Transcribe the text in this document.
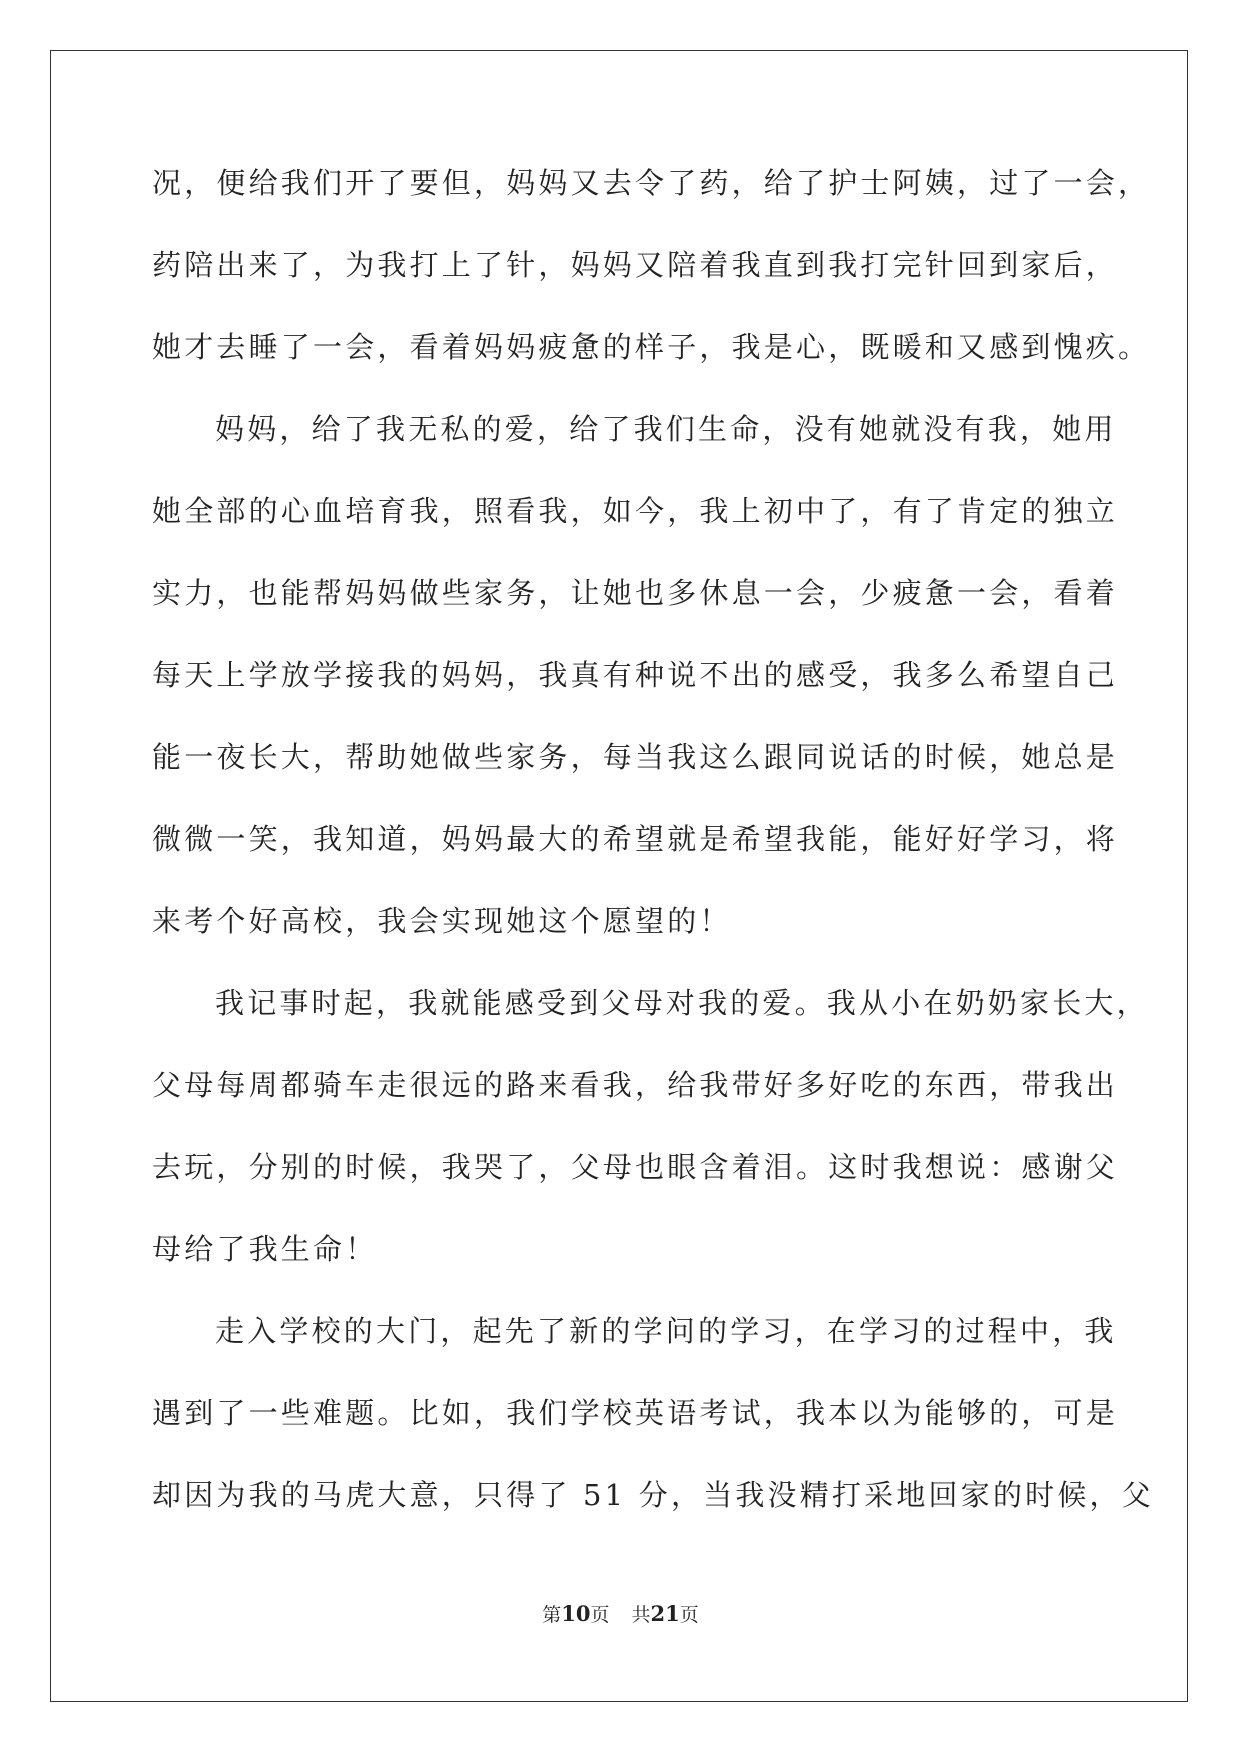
况，便给我们开了要但，妈妈又去令了药，给了护士阿姨，过了一会，
药陪出来了，为我打上了针，妈妈又陪着我直到我打完针回到家后，
她才去睡了一会，看着妈妈疲惫的样子，我是心，既暖和又感到愧疚。
妈妈，给了我无私的爱，给了我们生命，没有她就没有我，她用
她全部的心血培育我，照看我，如今，我上初中了，有了肯定的独立
实力，也能帮妈妈做些家务，让她也多休息一会，少疲惫一会，看着
每天上学放学接我的妈妈，我真有种说不出的感受，我多么希望自己
能一夜长大，帮助她做些家务，每当我这么跟同说话的时候，她总是
微微一笑，我知道，妈妈最大的希望就是希望我能，能好好学习，将
来考个好高校，我会实现她这个愿望的！
我记事时起，我就能感受到父母对我的爱。我从小在奶奶家长大，
父母每周都骑车走很远的路来看我，给我带好多好吃的东西，带我出
去玩，分别的时候，我哭了，父母也眼含着泪。这时我想说：感谢父
母给了我生命！
走入学校的大门，起先了新的学问的学习，在学习的过程中，我
遇到了一些难题。比如，我们学校英语考试，我本以为能够的，可是
却因为我的马虎大意，只得了 51 分，当我没精打采地回家的时候，父
第10页 共21页
